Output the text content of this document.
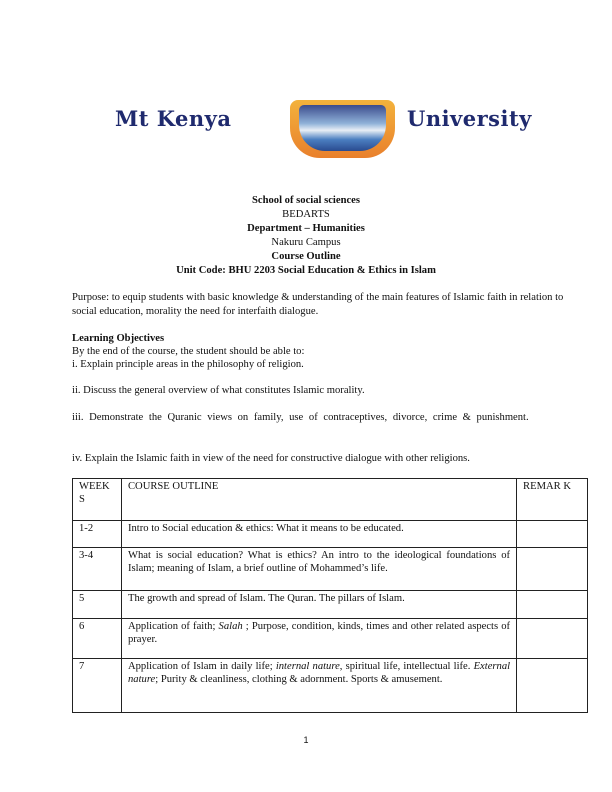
Mt Kenya	University
School of social sciences
BEDARTS
Department – Humanities
Nakuru Campus
Course Outline
Unit Code: BHU 2203 Social Education & Ethics in Islam
Purpose: to equip students with basic knowledge & understanding of the main features of Islamic faith in relation to social education, morality the need for interfaith dialogue.
Learning Objectives
By the end of the course, the student should be able to:
i. Explain principle areas in the philosophy of religion.
ii. Discuss the general overview of what constitutes Islamic morality.
iii. Demonstrate the Quranic views on family, use of contraceptives, divorce, crime & punishment.
iv. Explain the Islamic faith in view of the need for constructive dialogue with other religions.
WEEK S	COURSE OUTLINE	REMAR K
1-2	Intro to Social education & ethics: What it means to be educated.	
3-4	What is social education? What is ethics? An intro to the ideological foundations of Islam; meaning of Islam, a brief outline of Mohammed’s life.	
5	The growth and spread of Islam. The Quran. The pillars of Islam.	
6	Application of faith; Salah ; Purpose, condition, kinds, times and other related aspects of prayer.	
7	Application of Islam in daily life; internal nature, spiritual life, intellectual life. External nature; Purity & cleanliness, clothing & adornment. Sports & amusement.	
1
